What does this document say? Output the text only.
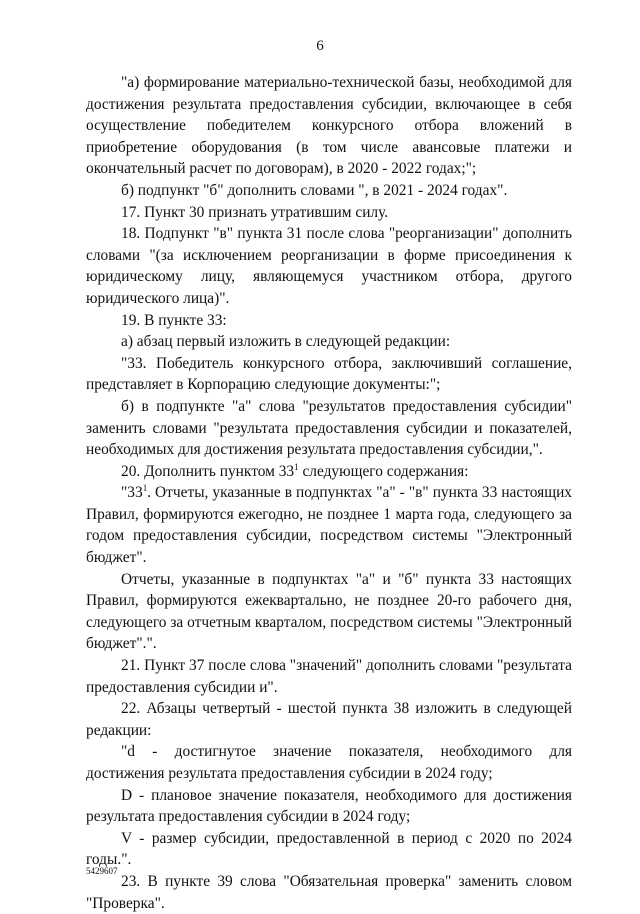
6

"а) формирование материально-технической базы, необходимой для достижения результата предоставления субсидии, включающее в себя осуществление победителем конкурсного отбора вложений в приобретение оборудования (в том числе авансовые платежи и окончательный расчет по договорам), в 2020 - 2022 годах;";

б) подпункт "б" дополнить словами ", в 2021 - 2024 годах".

17. Пункт 30 признать утратившим силу.

18. Подпункт "в" пункта 31 после слова "реорганизации" дополнить словами "(за исключением реорганизации в форме присоединения к юридическому лицу, являющемуся участником отбора, другого юридического лица)".

19. В пункте 33:

а) абзац первый изложить в следующей редакции:

"33. Победитель конкурсного отбора, заключивший соглашение, представляет в Корпорацию следующие документы:";

б) в подпункте "а" слова "результатов предоставления субсидии" заменить словами "результата предоставления субсидии и показателей, необходимых для достижения результата предоставления субсидии,".

20. Дополнить пунктом $33^1$ следующего содержания:

"$33^1$. Отчеты, указанные в подпунктах "а" - "в" пункта 33 настоящих Правил, формируются ежегодно, не позднее 1 марта года, следующего за годом предоставления субсидии, посредством системы "Электронный бюджет".

Отчеты, указанные в подпунктах "а" и "б" пункта 33 настоящих Правил, формируются ежеквартально, не позднее 20-го рабочего дня, следующего за отчетным кварталом, посредством системы "Электронный бюджет".".

21. Пункт 37 после слова "значений" дополнить словами "результата предоставления субсидии и".

22. Абзацы четвертый - шестой пункта 38 изложить в следующей редакции:

"d - достигнутое значение показателя, необходимого для достижения результата предоставления субсидии в 2024 году;

D - плановое значение показателя, необходимого для достижения результата предоставления субсидии в 2024 году;

V - размер субсидии, предоставленной в период с 2020 по 2024 годы.".

23. В пункте 39 слова "Обязательная проверка" заменить словом "Проверка".

5429607
